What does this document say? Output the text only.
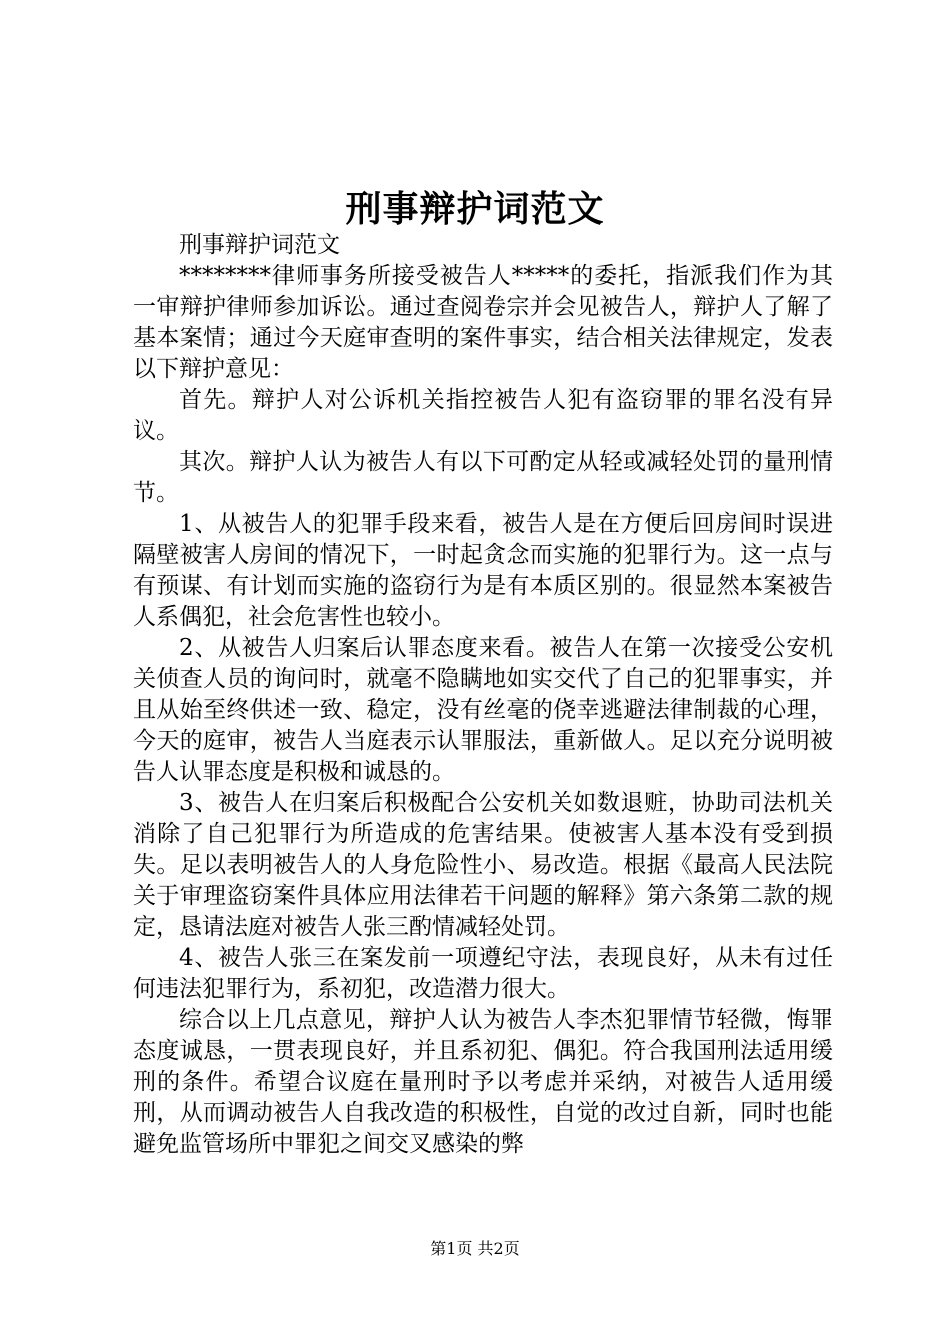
刑事辩护词范文

刑事辩护词范文

********律师事务所接受被告人*****的委托，指派我们作为其一审辩护律师参加诉讼。通过查阅卷宗并会见被告人，辩护人了解了基本案情；通过今天庭审查明的案件事实，结合相关法律规定，发表以下辩护意见：

首先。辩护人对公诉机关指控被告人犯有盗窃罪的罪名没有异议。

其次。辩护人认为被告人有以下可酌定从轻或减轻处罚的量刑情节。

1、从被告人的犯罪手段来看，被告人是在方便后回房间时误进隔壁被害人房间的情况下，一时起贪念而实施的犯罪行为。这一点与有预谋、有计划而实施的盗窃行为是有本质区别的。很显然本案被告人系偶犯，社会危害性也较小。

2、从被告人归案后认罪态度来看。被告人在第一次接受公安机关侦查人员的询问时，就毫不隐瞒地如实交代了自己的犯罪事实，并且从始至终供述一致、稳定，没有丝毫的侥幸逃避法律制裁的心理，今天的庭审，被告人当庭表示认罪服法，重新做人。足以充分说明被告人认罪态度是积极和诚恳的。

3、被告人在归案后积极配合公安机关如数退赃，协助司法机关消除了自己犯罪行为所造成的危害结果。使被害人基本没有受到损失。足以表明被告人的人身危险性小、易改造。根据《最高人民法院关于审理盗窃案件具体应用法律若干问题的解释》第六条第二款的规定，恳请法庭对被告人张三酌情减轻处罚。

4、被告人张三在案发前一项遵纪守法，表现良好，从未有过任何违法犯罪行为，系初犯，改造潜力很大。

综合以上几点意见，辩护人认为被告人李杰犯罪情节轻微，悔罪态度诚恳，一贯表现良好，并且系初犯、偶犯。符合我国刑法适用缓刑的条件。希望合议庭在量刑时予以考虑并采纳，对被告人适用缓刑，从而调动被告人自我改造的积极性，自觉的改过自新，同时也能避免监管场所中罪犯之间交叉感染的弊

第1页 共2页
